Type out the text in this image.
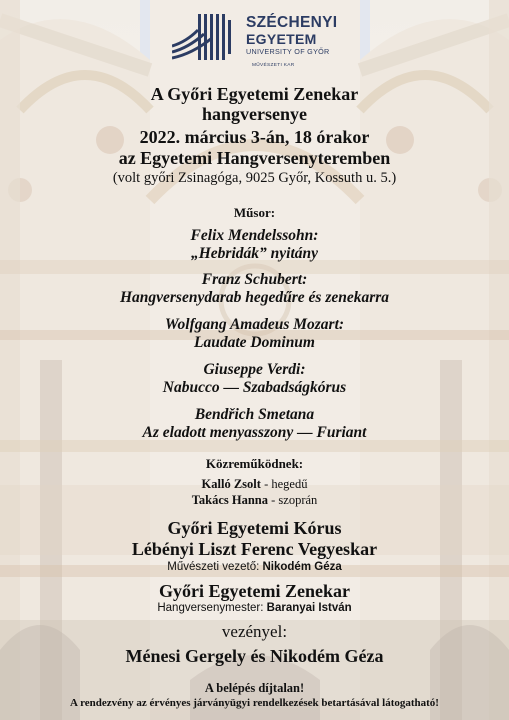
SZÉCHENYI
EGYETEM
UNIVERSITY OF GYŐR
MŰVÉSZETI KAR
A Győri Egyetemi Zenekar
hangversenye
2022. március 3-án, 18 órakor
az Egyetemi Hangversenyteremben
(volt győri Zsinagóga, 9025 Győr, Kossuth u. 5.)
Műsor:
Felix Mendelssohn:
„Hebridák” nyitány
Franz Schubert:
Hangversenydarab hegedűre és zenekarra
Wolfgang Amadeus Mozart:
Laudate Dominum
Giuseppe Verdi:
Nabucco — Szabadságkórus
Bendřich Smetana
Az eladott menyasszony — Furiant
Közreműködnek:
Kalló Zsolt - hegedű
Takács Hanna - szoprán
Győri Egyetemi Kórus
Lébényi Liszt Ferenc Vegyeskar
Művészeti vezető: Nikodém Géza
Győri Egyetemi Zenekar
Hangversenymester: Baranyai István
vezényel:
Ménesi Gergely és Nikodém Géza
A belépés díjtalan!
A rendezvény az érvényes járványügyi rendelkezések betartásával látogatható!
